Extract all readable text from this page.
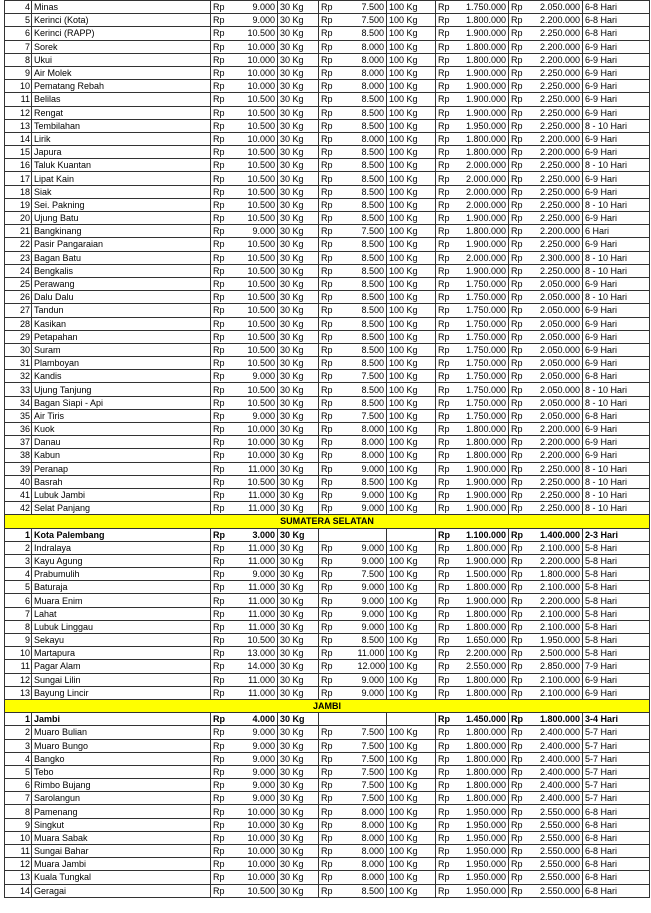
4	Minas	Rp	9.000	30 Kg	Rp	7.500	100 Kg	Rp	1.750.000	Rp	2.050.000	6-8 Hari
5	Kerinci (Kota)	Rp	9.000	30 Kg	Rp	7.500	100 Kg	Rp	1.800.000	Rp	2.200.000	6-8 Hari
6	Kerinci (RAPP)	Rp	10.500	30 Kg	Rp	8.500	100 Kg	Rp	1.900.000	Rp	2.250.000	6-8 Hari
7	Sorek	Rp	10.000	30 Kg	Rp	8.000	100 Kg	Rp	1.800.000	Rp	2.200.000	6-9 Hari
8	Ukui	Rp	10.000	30 Kg	Rp	8.000	100 Kg	Rp	1.800.000	Rp	2.200.000	6-9 Hari
9	Air Molek	Rp	10.000	30 Kg	Rp	8.000	100 Kg	Rp	1.900.000	Rp	2.250.000	6-9 Hari
10	Pematang Rebah	Rp	10.000	30 Kg	Rp	8.000	100 Kg	Rp	1.900.000	Rp	2.250.000	6-9 Hari
11	Belilas	Rp	10.500	30 Kg	Rp	8.500	100 Kg	Rp	1.900.000	Rp	2.250.000	6-9 Hari
12	Rengat	Rp	10.500	30 Kg	Rp	8.500	100 Kg	Rp	1.900.000	Rp	2.250.000	6-9 Hari
13	Tembilahan	Rp	10.500	30 Kg	Rp	8.500	100 Kg	Rp	1.950.000	Rp	2.250.000	8 - 10 Hari
14	Lirik	Rp	10.000	30 Kg	Rp	8.000	100 Kg	Rp	1.800.000	Rp	2.200.000	6-9 Hari
15	Japura	Rp	10.500	30 Kg	Rp	8.500	100 Kg	Rp	1.800.000	Rp	2.200.000	6-9 Hari
16	Taluk Kuantan	Rp	10.500	30 Kg	Rp	8.500	100 Kg	Rp	2.000.000	Rp	2.250.000	8 - 10 Hari
17	Lipat Kain	Rp	10.500	30 Kg	Rp	8.500	100 Kg	Rp	2.000.000	Rp	2.250.000	6-9 Hari
18	Siak	Rp	10.500	30 Kg	Rp	8.500	100 Kg	Rp	2.000.000	Rp	2.250.000	6-9 Hari
19	Sei. Pakning	Rp	10.500	30 Kg	Rp	8.500	100 Kg	Rp	2.000.000	Rp	2.250.000	8 - 10 Hari
20	Ujung Batu	Rp	10.500	30 Kg	Rp	8.500	100 Kg	Rp	1.900.000	Rp	2.250.000	6-9 Hari
21	Bangkinang	Rp	9.000	30 Kg	Rp	7.500	100 Kg	Rp	1.800.000	Rp	2.200.000	6 Hari
22	Pasir Pangaraian	Rp	10.500	30 Kg	Rp	8.500	100 Kg	Rp	1.900.000	Rp	2.250.000	6-9 Hari
23	Bagan Batu	Rp	10.500	30 Kg	Rp	8.500	100 Kg	Rp	2.000.000	Rp	2.300.000	8 - 10 Hari
24	Bengkalis	Rp	10.500	30 Kg	Rp	8.500	100 Kg	Rp	1.900.000	Rp	2.250.000	8 - 10 Hari
25	Perawang	Rp	10.500	30 Kg	Rp	8.500	100 Kg	Rp	1.750.000	Rp	2.050.000	6-9 Hari
26	Dalu Dalu	Rp	10.500	30 Kg	Rp	8.500	100 Kg	Rp	1.750.000	Rp	2.050.000	8 - 10 Hari
27	Tandun	Rp	10.500	30 Kg	Rp	8.500	100 Kg	Rp	1.750.000	Rp	2.050.000	6-9 Hari
28	Kasikan	Rp	10.500	30 Kg	Rp	8.500	100 Kg	Rp	1.750.000	Rp	2.050.000	6-9 Hari
29	Petapahan	Rp	10.500	30 Kg	Rp	8.500	100 Kg	Rp	1.750.000	Rp	2.050.000	6-9 Hari
30	Suram	Rp	10.500	30 Kg	Rp	8.500	100 Kg	Rp	1.750.000	Rp	2.050.000	6-9 Hari
31	Plamboyan	Rp	10.500	30 Kg	Rp	8.500	100 Kg	Rp	1.750.000	Rp	2.050.000	6-9 Hari
32	Kandis	Rp	9.000	30 Kg	Rp	7.500	100 Kg	Rp	1.750.000	Rp	2.050.000	6-8 Hari
33	Ujung Tanjung	Rp	10.500	30 Kg	Rp	8.500	100 Kg	Rp	1.750.000	Rp	2.050.000	8 - 10 Hari
34	Bagan Siapi - Api	Rp	10.500	30 Kg	Rp	8.500	100 Kg	Rp	1.750.000	Rp	2.050.000	8 - 10 Hari
35	Air Tiris	Rp	9.000	30 Kg	Rp	7.500	100 Kg	Rp	1.750.000	Rp	2.050.000	6-8 Hari
36	Kuok	Rp	10.000	30 Kg	Rp	8.000	100 Kg	Rp	1.800.000	Rp	2.200.000	6-9 Hari
37	Danau	Rp	10.000	30 Kg	Rp	8.000	100 Kg	Rp	1.800.000	Rp	2.200.000	6-9 Hari
38	Kabun	Rp	10.000	30 Kg	Rp	8.000	100 Kg	Rp	1.800.000	Rp	2.200.000	6-9 Hari
39	Peranap	Rp	11.000	30 Kg	Rp	9.000	100 Kg	Rp	1.900.000	Rp	2.250.000	8 - 10 Hari
40	Basrah	Rp	10.500	30 Kg	Rp	8.500	100 Kg	Rp	1.900.000	Rp	2.250.000	8 - 10 Hari
41	Lubuk Jambi	Rp	11.000	30 Kg	Rp	9.000	100 Kg	Rp	1.900.000	Rp	2.250.000	8 - 10 Hari
42	Selat Panjang	Rp	11.000	30 Kg	Rp	9.000	100 Kg	Rp	1.900.000	Rp	2.250.000	8 - 10 Hari
SUMATERA SELATAN												
1	Kota Palembang	Rp	3.000	30 Kg				Rp	1.100.000	Rp	1.400.000	2-3 Hari
2	Indralaya	Rp	11.000	30 Kg	Rp	9.000	100 Kg	Rp	1.800.000	Rp	2.100.000	5-8 Hari
3	Kayu Agung	Rp	11.000	30 Kg	Rp	9.000	100 Kg	Rp	1.900.000	Rp	2.200.000	5-8 Hari
4	Prabumulih	Rp	9.000	30 Kg	Rp	7.500	100 Kg	Rp	1.500.000	Rp	1.800.000	5-8 Hari
5	Baturaja	Rp	11.000	30 Kg	Rp	9.000	100 Kg	Rp	1.800.000	Rp	2.100.000	5-8 Hari
6	Muara Enim	Rp	11.000	30 Kg	Rp	9.000	100 Kg	Rp	1.900.000	Rp	2.200.000	5-8 Hari
7	Lahat	Rp	11.000	30 Kg	Rp	9.000	100 Kg	Rp	1.800.000	Rp	2.100.000	5-8 Hari
8	Lubuk Linggau	Rp	11.000	30 Kg	Rp	9.000	100 Kg	Rp	1.800.000	Rp	2.100.000	5-8 Hari
9	Sekayu	Rp	10.500	30 Kg	Rp	8.500	100 Kg	Rp	1.650.000	Rp	1.950.000	5-8 Hari
10	Martapura	Rp	13.000	30 Kg	Rp	11.000	100 Kg	Rp	2.200.000	Rp	2.500.000	5-8 Hari
11	Pagar Alam	Rp	14.000	30 Kg	Rp	12.000	100 Kg	Rp	2.550.000	Rp	2.850.000	7-9 Hari
12	Sungai Lilin	Rp	11.000	30 Kg	Rp	9.000	100 Kg	Rp	1.800.000	Rp	2.100.000	6-9 Hari
13	Bayung Lincir	Rp	11.000	30 Kg	Rp	9.000	100 Kg	Rp	1.800.000	Rp	2.100.000	6-9 Hari
JAMBI												
1	Jambi	Rp	4.000	30 Kg				Rp	1.450.000	Rp	1.800.000	3-4 Hari
2	Muaro Bulian	Rp	9.000	30 Kg	Rp	7.500	100 Kg	Rp	1.800.000	Rp	2.400.000	5-7 Hari
3	Muaro Bungo	Rp	9.000	30 Kg	Rp	7.500	100 Kg	Rp	1.800.000	Rp	2.400.000	5-7 Hari
4	Bangko	Rp	9.000	30 Kg	Rp	7.500	100 Kg	Rp	1.800.000	Rp	2.400.000	5-7 Hari
5	Tebo	Rp	9.000	30 Kg	Rp	7.500	100 Kg	Rp	1.800.000	Rp	2.400.000	5-7 Hari
6	Rimbo Bujang	Rp	9.000	30 Kg	Rp	7.500	100 Kg	Rp	1.800.000	Rp	2.400.000	5-7 Hari
7	Sarolangun	Rp	9.000	30 Kg	Rp	7.500	100 Kg	Rp	1.800.000	Rp	2.400.000	5-7 Hari
8	Pamenang	Rp	10.000	30 Kg	Rp	8.000	100 Kg	Rp	1.950.000	Rp	2.550.000	6-8 Hari
9	Singkut	Rp	10.000	30 Kg	Rp	8.000	100 Kg	Rp	1.950.000	Rp	2.550.000	6-8 Hari
10	Muara Sabak	Rp	10.000	30 Kg	Rp	8.000	100 Kg	Rp	1.950.000	Rp	2.550.000	6-8 Hari
11	Sungai Bahar	Rp	10.000	30 Kg	Rp	8.000	100 Kg	Rp	1.950.000	Rp	2.550.000	6-8 Hari
12	Muara Jambi	Rp	10.000	30 Kg	Rp	8.000	100 Kg	Rp	1.950.000	Rp	2.550.000	6-8 Hari
13	Kuala Tungkal	Rp	10.000	30 Kg	Rp	8.000	100 Kg	Rp	1.950.000	Rp	2.550.000	6-8 Hari
14	Geragai	Rp	10.500	30 Kg	Rp	8.500	100 Kg	Rp	1.950.000	Rp	2.550.000	6-8 Hari
